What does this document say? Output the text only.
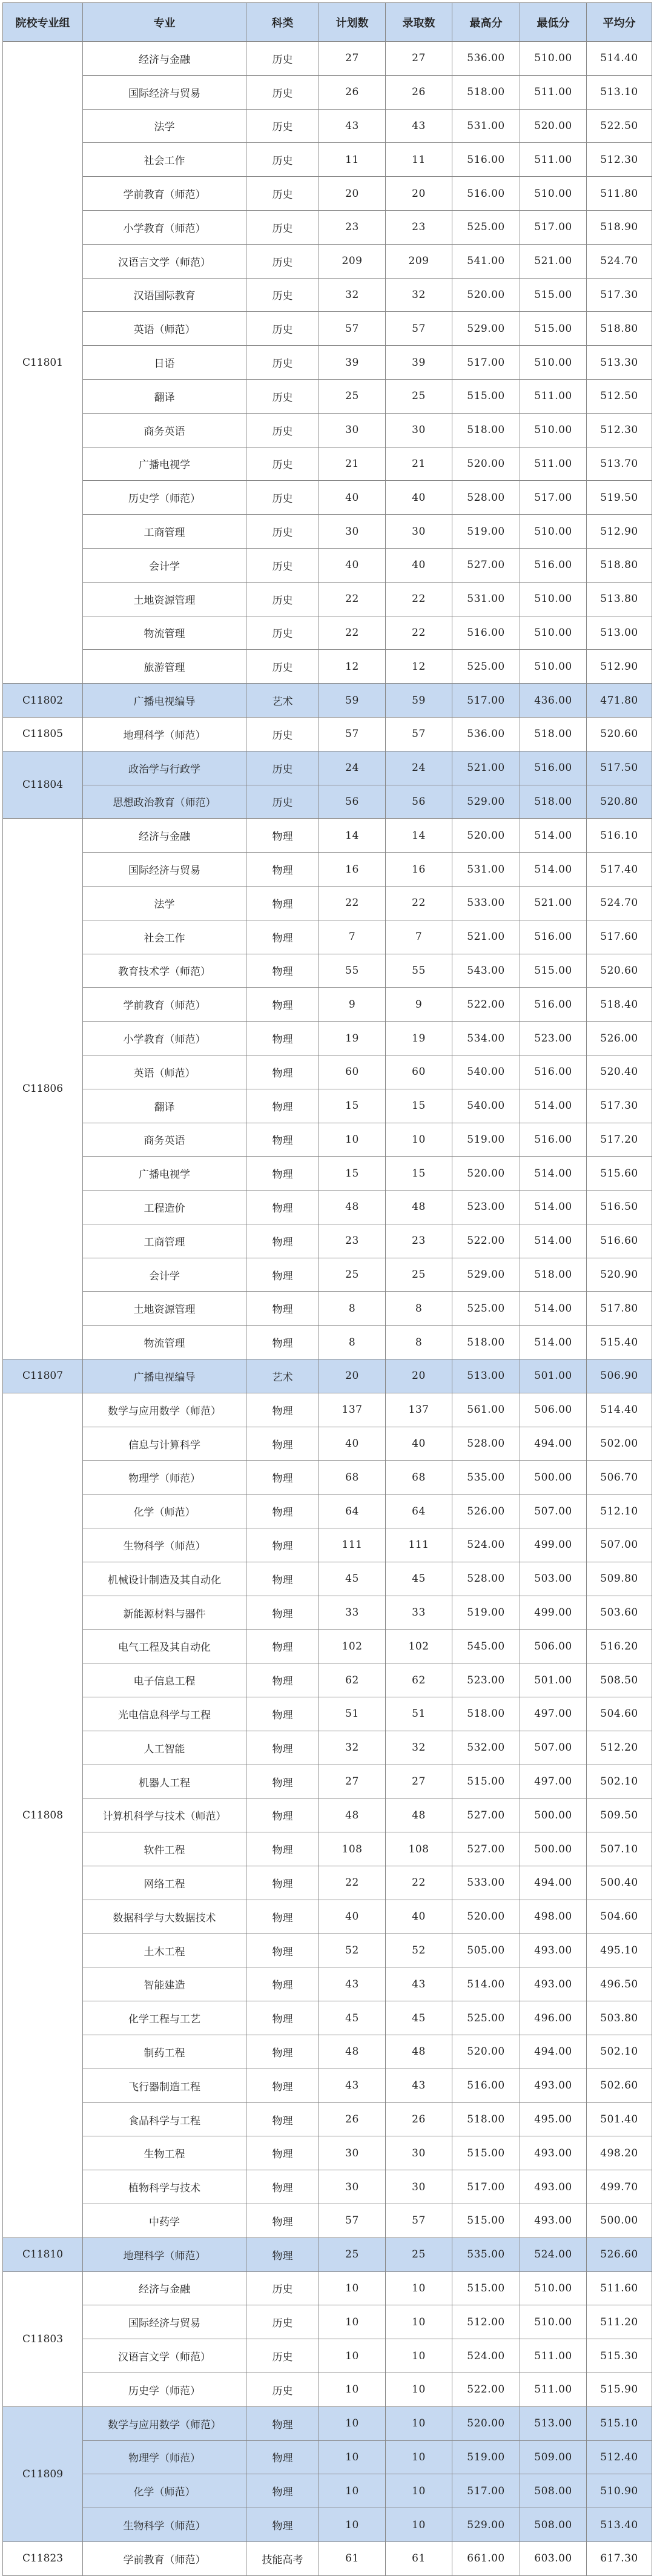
院校专业组	专业	科类	计划数	录取数	最高分	最低分	平均分
C11801	经济与金融	历史	27	27	536.00	510.00	514.40
	国际经济与贸易	历史	26	26	518.00	511.00	513.10
	法学	历史	43	43	531.00	520.00	522.50
	社会工作	历史	11	11	516.00	511.00	512.30
	学前教育（师范）	历史	20	20	516.00	510.00	511.80
	小学教育（师范）	历史	23	23	525.00	517.00	518.90
	汉语言文学（师范）	历史	209	209	541.00	521.00	524.70
	汉语国际教育	历史	32	32	520.00	515.00	517.30
	英语（师范）	历史	57	57	529.00	515.00	518.80
	日语	历史	39	39	517.00	510.00	513.30
	翻译	历史	25	25	515.00	511.00	512.50
	商务英语	历史	30	30	518.00	510.00	512.30
	广播电视学	历史	21	21	520.00	511.00	513.70
	历史学（师范）	历史	40	40	528.00	517.00	519.50
	工商管理	历史	30	30	519.00	510.00	512.90
	会计学	历史	40	40	527.00	516.00	518.80
	土地资源管理	历史	22	22	531.00	510.00	513.80
	物流管理	历史	22	22	516.00	510.00	513.00
	旅游管理	历史	12	12	525.00	510.00	512.90
C11802	广播电视编导	艺术	59	59	517.00	436.00	471.80
C11805	地理科学（师范）	历史	57	57	536.00	518.00	520.60
C11804	政治学与行政学	历史	24	24	521.00	516.00	517.50
	思想政治教育（师范）	历史	56	56	529.00	518.00	520.80
C11806	经济与金融	物理	14	14	520.00	514.00	516.10
	国际经济与贸易	物理	16	16	531.00	514.00	517.40
	法学	物理	22	22	533.00	521.00	524.70
	社会工作	物理	7	7	521.00	516.00	517.60
	教育技术学（师范）	物理	55	55	543.00	515.00	520.60
	学前教育（师范）	物理	9	9	522.00	516.00	518.40
	小学教育（师范）	物理	19	19	534.00	523.00	526.00
	英语（师范）	物理	60	60	540.00	516.00	520.40
	翻译	物理	15	15	540.00	514.00	517.30
	商务英语	物理	10	10	519.00	516.00	517.20
	广播电视学	物理	15	15	520.00	514.00	515.60
	工程造价	物理	48	48	523.00	514.00	516.50
	工商管理	物理	23	23	522.00	514.00	516.60
	会计学	物理	25	25	529.00	518.00	520.90
	土地资源管理	物理	8	8	525.00	514.00	517.80
	物流管理	物理	8	8	518.00	514.00	515.40
C11807	广播电视编导	艺术	20	20	513.00	501.00	506.90
C11808	数学与应用数学（师范）	物理	137	137	561.00	506.00	514.40
	信息与计算科学	物理	40	40	528.00	494.00	502.00
	物理学（师范）	物理	68	68	535.00	500.00	506.70
	化学（师范）	物理	64	64	526.00	507.00	512.10
	生物科学（师范）	物理	111	111	524.00	499.00	507.00
	机械设计制造及其自动化	物理	45	45	528.00	503.00	509.80
	新能源材料与器件	物理	33	33	519.00	499.00	503.60
	电气工程及其自动化	物理	102	102	545.00	506.00	516.20
	电子信息工程	物理	62	62	523.00	501.00	508.50
	光电信息科学与工程	物理	51	51	518.00	497.00	504.60
	人工智能	物理	32	32	532.00	507.00	512.20
	机器人工程	物理	27	27	515.00	497.00	502.10
	计算机科学与技术（师范）	物理	48	48	527.00	500.00	509.50
	软件工程	物理	108	108	527.00	500.00	507.10
	网络工程	物理	22	22	533.00	494.00	500.40
	数据科学与大数据技术	物理	40	40	520.00	498.00	504.60
	土木工程	物理	52	52	505.00	493.00	495.10
	智能建造	物理	43	43	514.00	493.00	496.50
	化学工程与工艺	物理	45	45	525.00	496.00	503.80
	制药工程	物理	48	48	520.00	494.00	502.10
	飞行器制造工程	物理	43	43	516.00	493.00	502.60
	食品科学与工程	物理	26	26	518.00	495.00	501.40
	生物工程	物理	30	30	515.00	493.00	498.20
	植物科学与技术	物理	30	30	517.00	493.00	499.70
	中药学	物理	57	57	515.00	493.00	500.00
C11810	地理科学（师范）	物理	25	25	535.00	524.00	526.60
C11803	经济与金融	历史	10	10	515.00	510.00	511.60
	国际经济与贸易	历史	10	10	512.00	510.00	511.20
	汉语言文学（师范）	历史	10	10	524.00	511.00	515.30
	历史学（师范）	历史	10	10	522.00	511.00	515.90
C11809	数学与应用数学（师范）	物理	10	10	520.00	513.00	515.10
	物理学（师范）	物理	10	10	519.00	509.00	512.40
	化学（师范）	物理	10	10	517.00	508.00	510.90
	生物科学（师范）	物理	10	10	529.00	508.00	513.40
C11823	学前教育（师范）	技能高考	61	61	661.00	603.00	617.30
